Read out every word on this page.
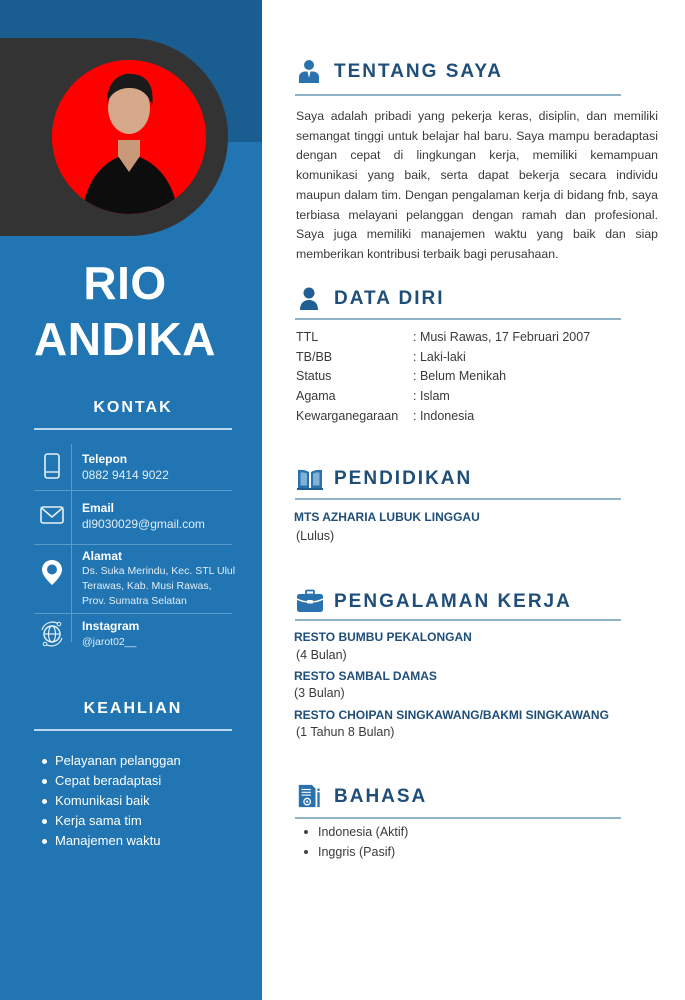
RIO
ANDIKA
KONTAK
Telepon
0882 9414 9022
Email
dl9030029@gmail.com
Alamat
Ds. Suka Merindu, Kec. STL Ulul
Terawas, Kab. Musi Rawas,
Prov. Sumatra Selatan
Instagram
@jarot02__
KEAHLIAN
Pelayanan pelanggan
Cepat beradaptasi
Komunikasi baik
Kerja sama tim
Manajemen waktu
TENTANG SAYA

Saya adalah pribadi yang pekerja keras, disiplin, dan memiliki semangat tinggi untuk belajar hal baru. Saya mampu beradaptasi dengan cepat di lingkungan kerja, memiliki kemampuan komunikasi yang baik, serta dapat bekerja secara individu maupun dalam tim. Dengan pengalaman kerja di bidang fnb, saya terbiasa melayani pelanggan dengan ramah dan profesional. Saya juga memiliki manajemen waktu yang baik dan siap memberikan kontribusi terbaik bagi perusahaan.

DATA DIRI
TTL	: Musi Rawas, 17 Februari 2007
TB/BB	: Laki-laki
Status	: Belum Menikah
Agama	: Islam
Kewarganegaraan	: Indonesia
PENDIDIKAN
MTS AZHARIA LUBUK LINGGAU
(Lulus)
PENGALAMAN KERJA
RESTO BUMBU PEKALONGAN
(4 Bulan)
RESTO SAMBAL DAMAS
(3 Bulan)
RESTO CHOIPAN SINGKAWANG/BAKMI SINGKAWANG
(1 Tahun 8 Bulan)
BAHASA
Indonesia (Aktif)
Inggris (Pasif)
